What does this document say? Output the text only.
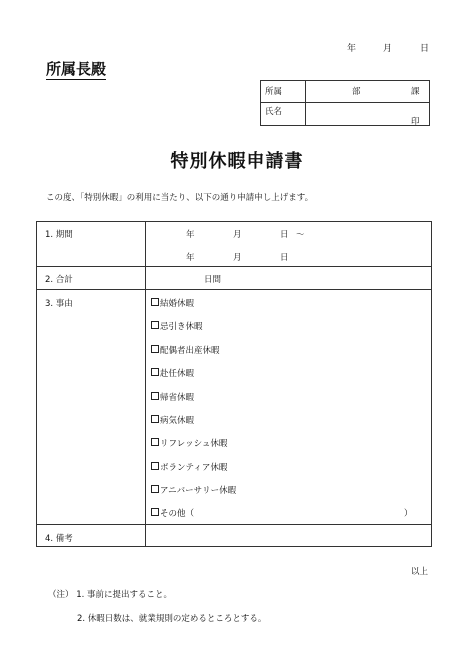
年	月	日
所属長殿
所属	部	課
氏名
印
特別休暇申請書
この度、「特別休暇」の利用に当たり、以下の通り申請申し上げます。
1. 期間	年	月	日 ～
年	月	日
2. 合計	日間
3. 事由	結婚休暇
忌引き休暇
配偶者出産休暇
赴任休暇
帰省休暇
病気休暇
リフレッシュ休暇
ボランティア休暇
アニバーサリー休暇
その他（	）
4. 備考
以上
（注） 1. 事前に提出すること。
2. 休暇日数は、就業規則の定めるところとする。
